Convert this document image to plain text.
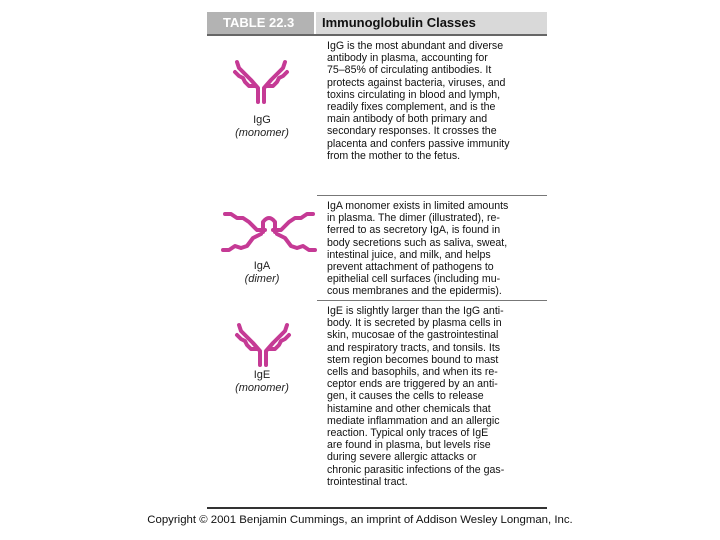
TABLE 22.3	Immunoglobulin Classes
IgG
(monomer)
IgG is the most abundant and diverse
antibody in plasma, accounting for
75–85% of circulating antibodies. It
protects against bacteria, viruses, and
toxins circulating in blood and lymph,
readily fixes complement, and is the
main antibody of both primary and
secondary responses. It crosses the
placenta and confers passive immunity
from the mother to the fetus.
IgA
(dimer)
IgA monomer exists in limited amounts
in plasma. The dimer (illustrated), re-
ferred to as secretory IgA, is found in
body secretions such as saliva, sweat,
intestinal juice, and milk, and helps
prevent attachment of pathogens to
epithelial cell surfaces (including mu-
cous membranes and the epidermis).
IgE
(monomer)
IgE is slightly larger than the IgG anti-
body. It is secreted by plasma cells in
skin, mucosae of the gastrointestinal
and respiratory tracts, and tonsils. Its
stem region becomes bound to mast
cells and basophils, and when its re-
ceptor ends are triggered by an anti-
gen, it causes the cells to release
histamine and other chemicals that
mediate inflammation and an allergic
reaction. Typical only traces of IgE
are found in plasma, but levels rise
during severe allergic attacks or
chronic parasitic infections of the gas-
trointestinal tract.
Copyright © 2001 Benjamin Cummings, an imprint of Addison Wesley Longman, Inc.
